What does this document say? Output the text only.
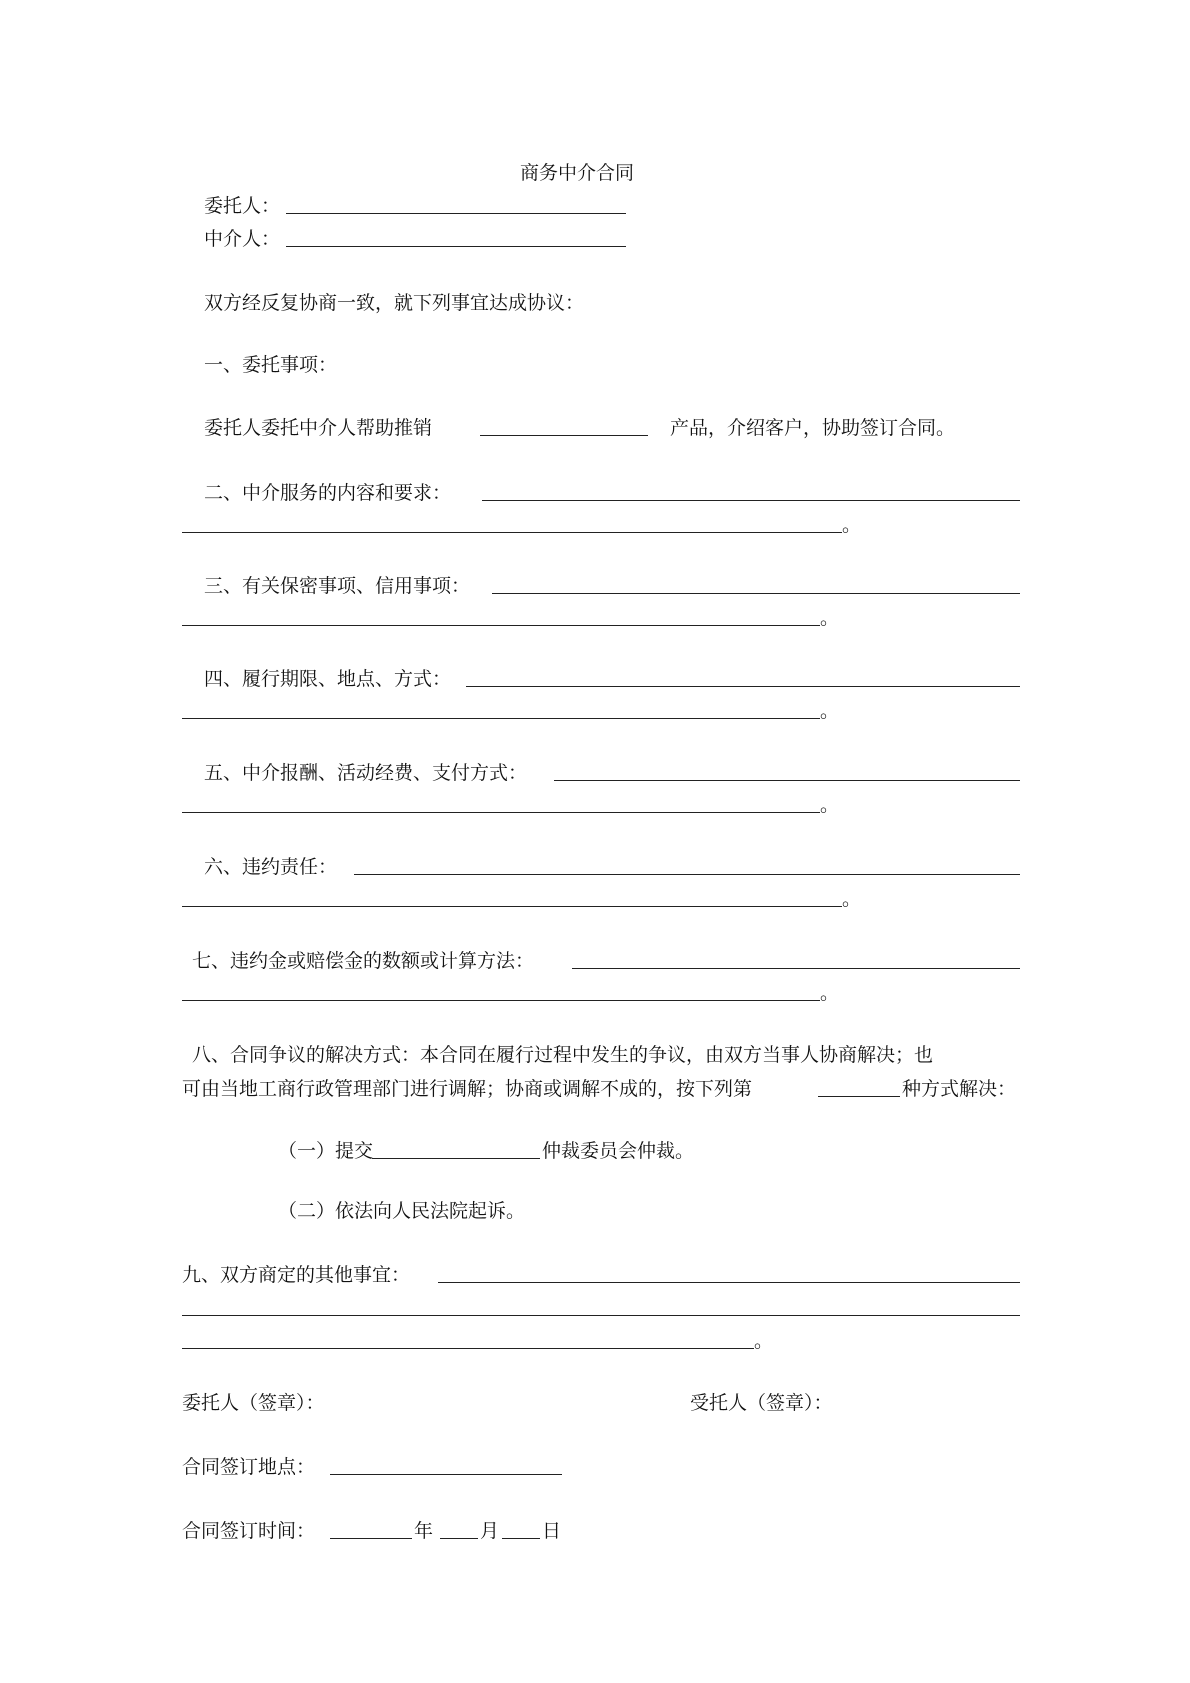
商务中介合同
委托人：
中介人：
双方经反复协商一致，就下列事宜达成协议：
一、委托事项：
委托人委托中介人帮助推销	产品，介绍客户，协助签订合同。
二、中介服务的内容和要求：
。
三、有关保密事项、信用事项：
。
四、履行期限、地点、方式：
。
五、中介报酬、活动经费、支付方式：
。
六、违约责任：
。
七、违约金或赔偿金的数额或计算方法：
。
八、合同争议的解决方式：本合同在履行过程中发生的争议，由双方当事人协商解决；也
可由当地工商行政管理部门进行调解；协商或调解不成的，按下列第	种方式解决：
（一）提交	仲裁委员会仲裁。
（二）依法向人民法院起诉。
九、双方商定的其他事宜：
。
委托人（签章）：	受托人（签章）：
合同签订地点：
合同签订时间：	年 月 日
